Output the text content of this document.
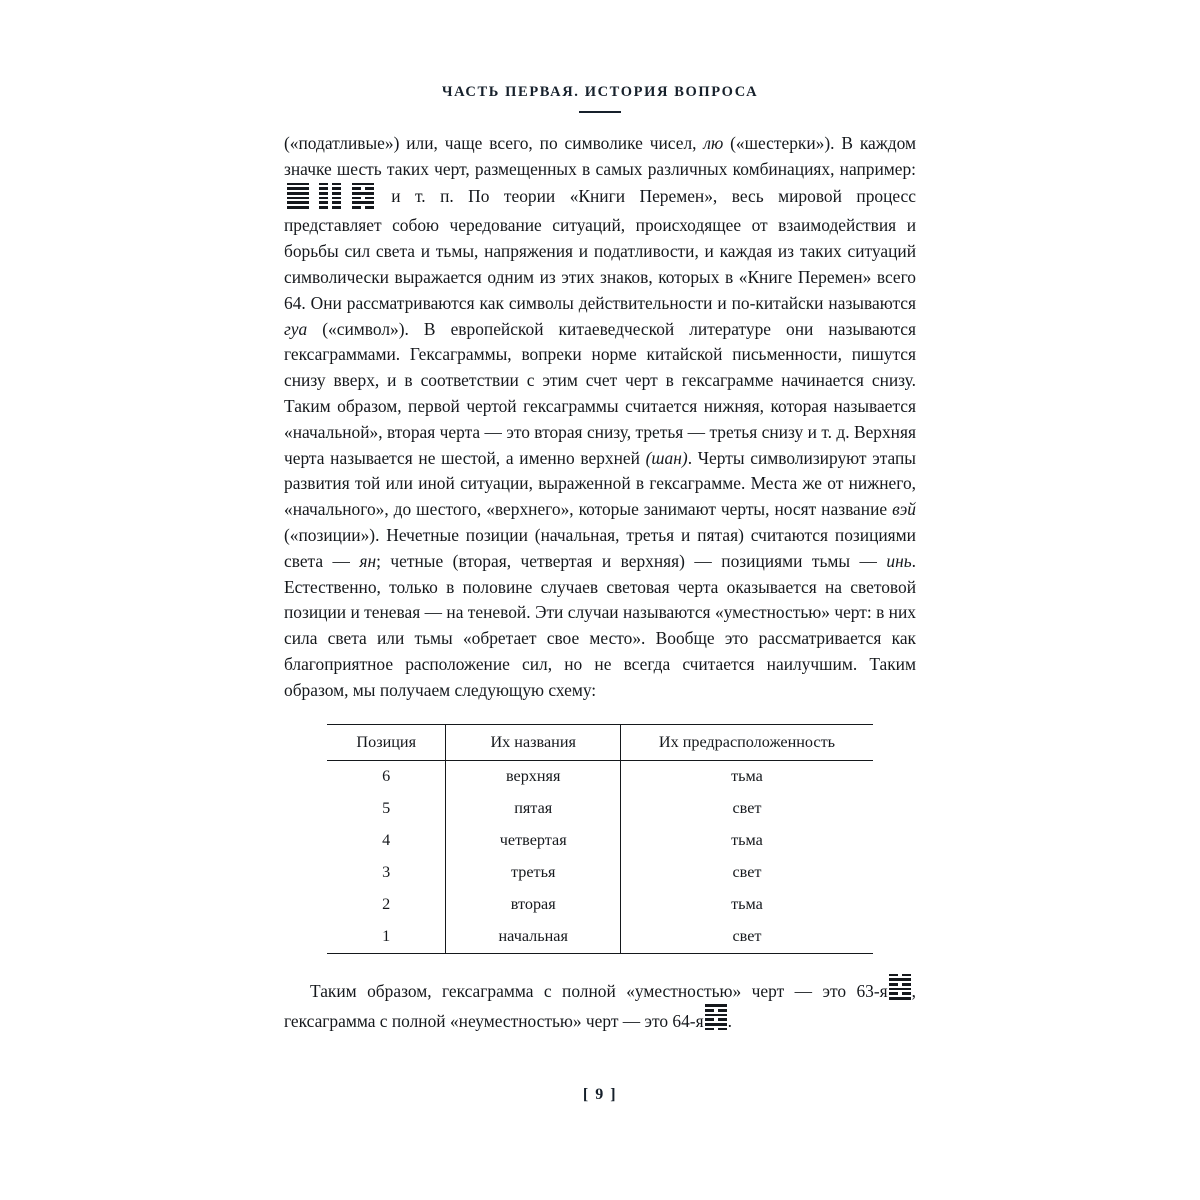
ЧАСТЬ ПЕРВАЯ. ИСТОРИЯ ВОПРОСА

(«податливые») или, чаще всего, по символике чисел, лю («шестерки»). В каждом значке шесть таких черт, размещенных в самых различных комбинациях, например:

и т. п. По теории «Книги Перемен», весь мировой процесс представляет собою чередование ситуаций, происходящее от взаимодействия и борьбы сил света и тьмы, напряжения и податливости, и каждая из таких ситуаций символически выражается одним из этих знаков, которых в «Книге Перемен» всего 64. Они рассматриваются как символы действительности и по-китайски называются гуа («символ»). В европейской китаеведческой литературе они называются гексаграммами. Гексаграммы, вопреки норме китайской письменности, пишутся снизу вверх, и в соответствии с этим счет черт в гексаграмме начинается снизу. Таким образом, первой чертой гексаграммы считается нижняя, которая называется «начальной», вторая черта — это вторая снизу, третья — третья снизу и т. д. Верхняя черта называется не шестой, а именно верхней (шан). Черты символизируют этапы развития той или иной ситуации, выраженной в гексаграмме. Места же от нижнего, «начального», до шестого, «верхнего», которые занимают черты, носят название вэй («позиции»). Нечетные позиции (начальная, третья и пятая) считаются позициями света — ян; четные (вторая, четвертая и верхняя) — позициями тьмы — инь. Естественно, только в половине случаев световая черта оказывается на световой позиции и теневая — на теневой. Эти случаи называются «уместностью» черт: в них сила света или тьмы «обретает свое место». Вообще это рассматривается как благоприятное расположение сил, но не всегда считается наилучшим. Таким образом, мы получаем следующую схему:

Позиция	Их названия	Их предрасположенность
6	верхняя	тьма
5	пятая	свет
4	четвертая	тьма
3	третья	свет
2	вторая	тьма
1	начальная	свет

Таким образом, гексаграмма с полной «уместностью» черт — это 63-я , гексаграмма с полной «неуместностью» черт — это 64-я .

[ 9 ]
